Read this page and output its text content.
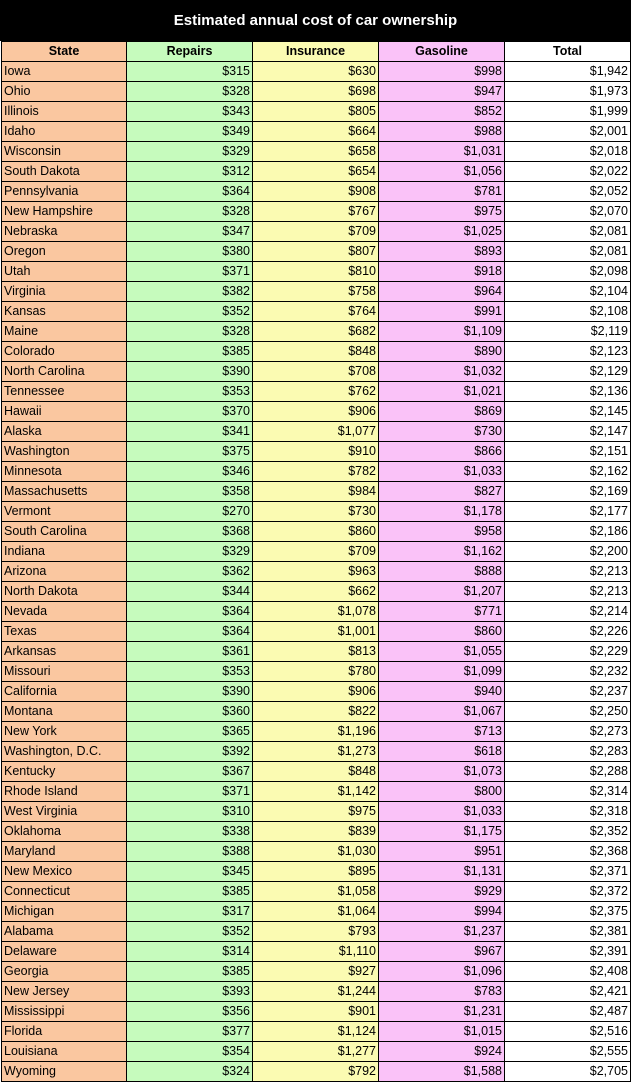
Estimated annual cost of car ownership
State	Repairs	Insurance	Gasoline	Total
Iowa	$315	$630	$998	$1,942
Ohio	$328	$698	$947	$1,973
Illinois	$343	$805	$852	$1,999
Idaho	$349	$664	$988	$2,001
Wisconsin	$329	$658	$1,031	$2,018
South Dakota	$312	$654	$1,056	$2,022
Pennsylvania	$364	$908	$781	$2,052
New Hampshire	$328	$767	$975	$2,070
Nebraska	$347	$709	$1,025	$2,081
Oregon	$380	$807	$893	$2,081
Utah	$371	$810	$918	$2,098
Virginia	$382	$758	$964	$2,104
Kansas	$352	$764	$991	$2,108
Maine	$328	$682	$1,109	$2,119
Colorado	$385	$848	$890	$2,123
North Carolina	$390	$708	$1,032	$2,129
Tennessee	$353	$762	$1,021	$2,136
Hawaii	$370	$906	$869	$2,145
Alaska	$341	$1,077	$730	$2,147
Washington	$375	$910	$866	$2,151
Minnesota	$346	$782	$1,033	$2,162
Massachusetts	$358	$984	$827	$2,169
Vermont	$270	$730	$1,178	$2,177
South Carolina	$368	$860	$958	$2,186
Indiana	$329	$709	$1,162	$2,200
Arizona	$362	$963	$888	$2,213
North Dakota	$344	$662	$1,207	$2,213
Nevada	$364	$1,078	$771	$2,214
Texas	$364	$1,001	$860	$2,226
Arkansas	$361	$813	$1,055	$2,229
Missouri	$353	$780	$1,099	$2,232
California	$390	$906	$940	$2,237
Montana	$360	$822	$1,067	$2,250
New York	$365	$1,196	$713	$2,273
Washington, D.C.	$392	$1,273	$618	$2,283
Kentucky	$367	$848	$1,073	$2,288
Rhode Island	$371	$1,142	$800	$2,314
West Virginia	$310	$975	$1,033	$2,318
Oklahoma	$338	$839	$1,175	$2,352
Maryland	$388	$1,030	$951	$2,368
New Mexico	$345	$895	$1,131	$2,371
Connecticut	$385	$1,058	$929	$2,372
Michigan	$317	$1,064	$994	$2,375
Alabama	$352	$793	$1,237	$2,381
Delaware	$314	$1,110	$967	$2,391
Georgia	$385	$927	$1,096	$2,408
New Jersey	$393	$1,244	$783	$2,421
Mississippi	$356	$901	$1,231	$2,487
Florida	$377	$1,124	$1,015	$2,516
Louisiana	$354	$1,277	$924	$2,555
Wyoming	$324	$792	$1,588	$2,705
